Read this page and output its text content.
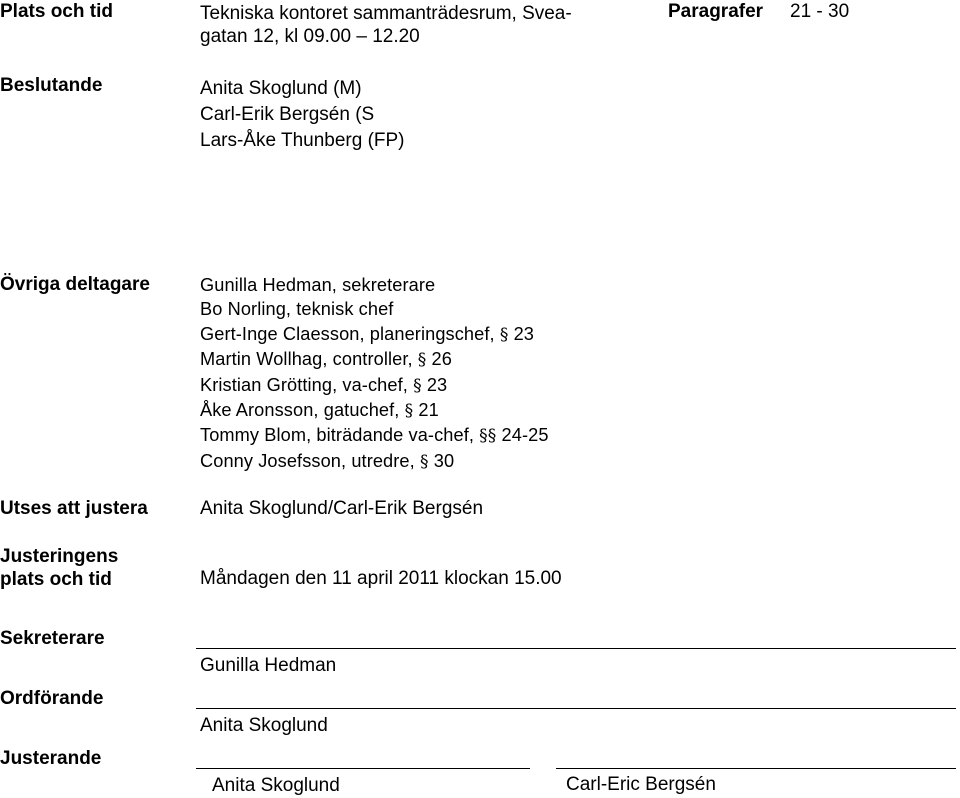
Plats och tid	Tekniska kontoret sammanträdesrum, Svea-
gatan 12, kl 09.00 – 12.20
Paragrafer 21 - 30
Beslutande	Anita Skoglund (M)
Carl-Erik Bergsén (S
Lars-Åke Thunberg (FP)
Övriga deltagare	Gunilla Hedman, sekreterare
Bo Norling, teknisk chef
Gert-Inge Claesson, planeringschef, § 23
Martin Wollhag, controller, § 26
Kristian Grötting, va-chef, § 23
Åke Aronsson, gatuchef, § 21
Tommy Blom, biträdande va-chef, §§ 24-25
Conny Josefsson, utredre, § 30
Utses att justera	Anita Skoglund/Carl-Erik Bergsén
Justeringens
plats och tid	Måndagen den 11 april 2011 klockan 15.00
Sekreterare
Gunilla Hedman
Ordförande
Anita Skoglund
Justerande
Anita Skoglund	Carl-Eric Bergsén
